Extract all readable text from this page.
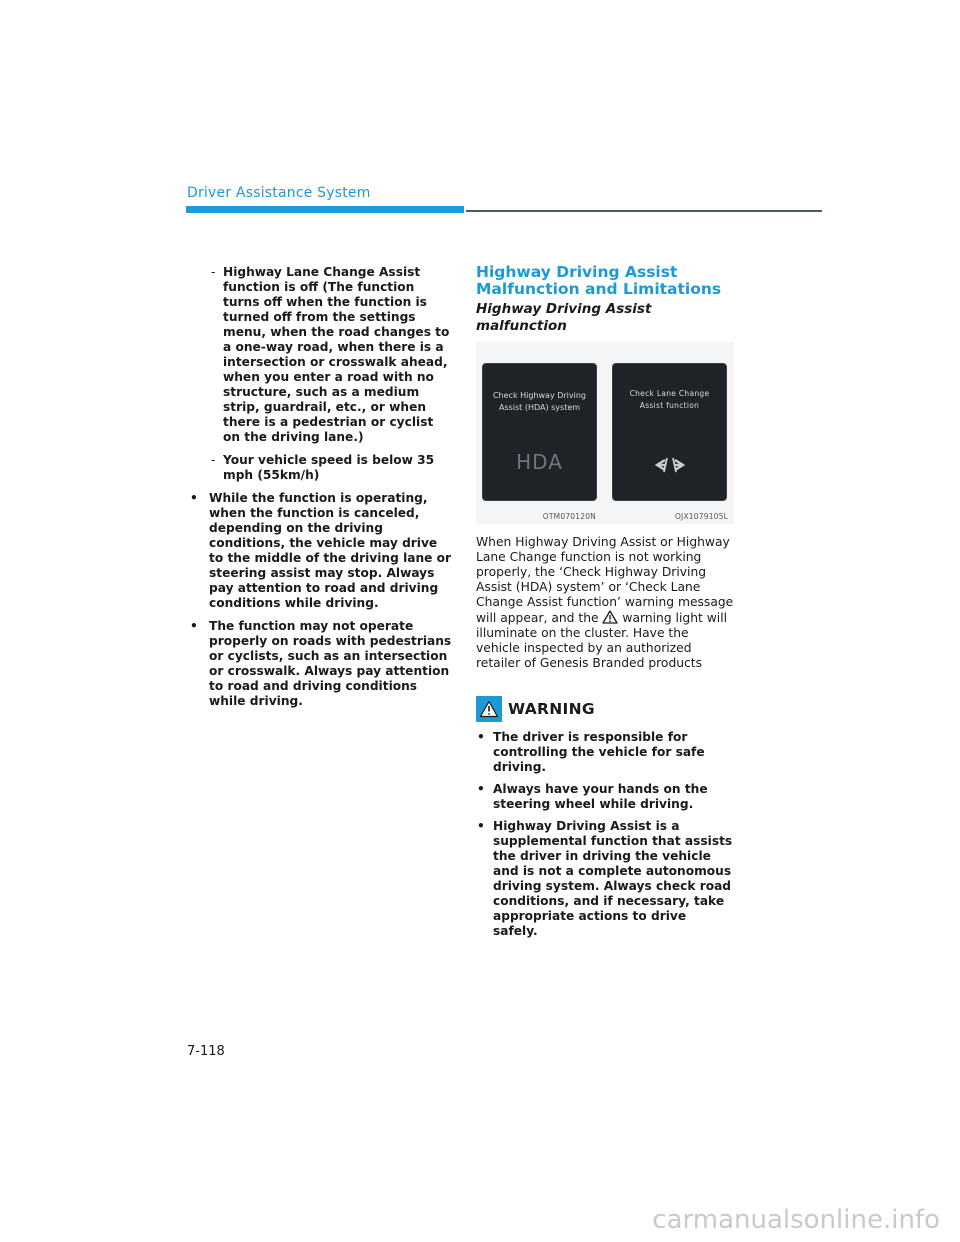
Driver Assistance System
- Highway Lane Change Assist function is off (The function turns off when the function is turned off from the settings menu, when the road changes to a one-way road, when there is a intersection or crosswalk ahead, when you enter a road with no structure, such as a medium strip, guardrail, etc., or when there is a pedestrian or cyclist on the driving lane.)
- Your vehicle speed is below 35 mph (55km/h)
• While the function is operating, when the function is canceled, depending on the driving conditions, the vehicle may drive to the middle of the driving lane or steering assist may stop. Always pay attention to road and driving conditions while driving.
• The function may not operate properly on roads with pedestrians or cyclists, such as an intersection or crosswalk. Always pay attention to road and driving conditions while driving.
Highway Driving Assist
Malfunction and Limitations
Highway Driving Assist malfunction
Check Highway Driving Assist (HDA) system
HDA
Check Lane Change Assist function
OTM070120N	OJX1079105L
When Highway Driving Assist or Highway Lane Change function is not working properly, the ‘Check Highway Driving Assist (HDA) system’ or ‘Check Lane Change Assist function’ warning message will appear, and the warning light will illuminate on the cluster. Have the vehicle inspected by an authorized retailer of Genesis Branded products
WARNING
• The driver is responsible for controlling the vehicle for safe driving.
• Always have your hands on the steering wheel while driving.
• Highway Driving Assist is a supplemental function that assists the driver in driving the vehicle and is not a complete autonomous driving system. Always check road conditions, and if necessary, take appropriate actions to drive safely.
7-118
carmanualsonline.info
